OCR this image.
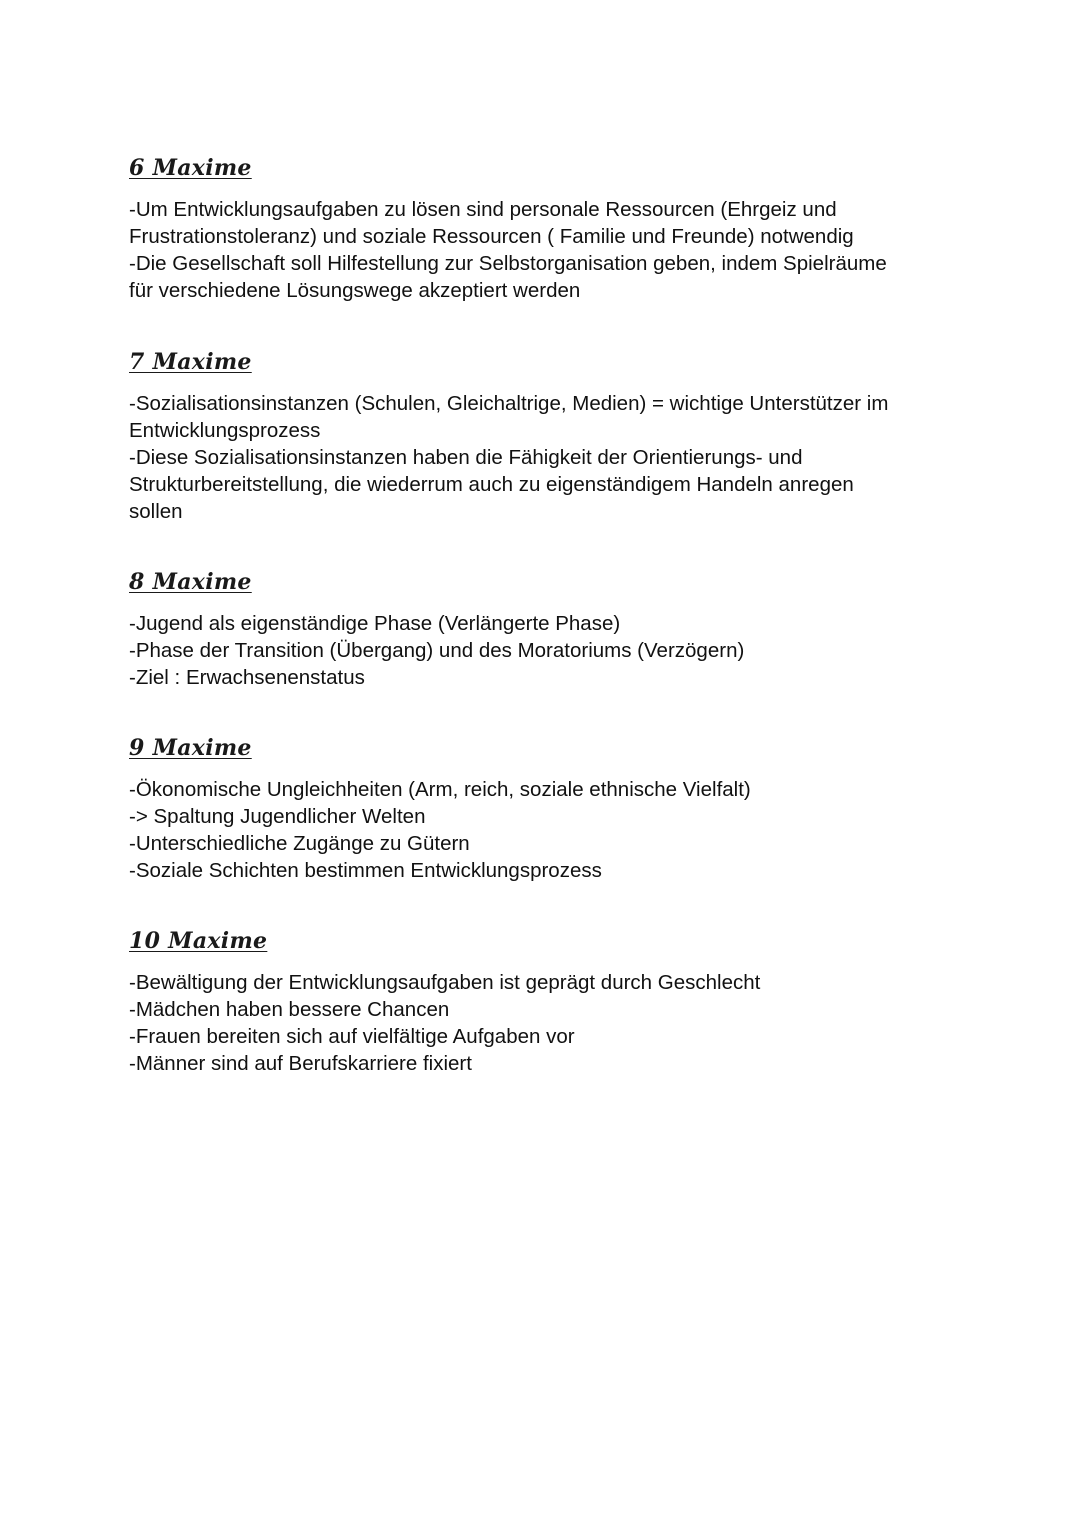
6 Maxime
-Um Entwicklungsaufgaben zu lösen sind personale Ressourcen (Ehrgeiz und
Frustrationstoleranz) und soziale Ressourcen ( Familie und Freunde) notwendig
-Die Gesellschaft soll Hilfestellung zur Selbstorganisation geben, indem Spielräume
für verschiedene Lösungswege akzeptiert werden
7 Maxime
-Sozialisationsinstanzen (Schulen, Gleichaltrige, Medien) = wichtige Unterstützer im
Entwicklungsprozess
-Diese Sozialisationsinstanzen haben die Fähigkeit der Orientierungs- und
Strukturbereitstellung, die wiederrum auch zu eigenständigem Handeln anregen
sollen
8 Maxime
-Jugend als eigenständige Phase (Verlängerte Phase)
-Phase der Transition (Übergang) und des Moratoriums (Verzögern)
-Ziel : Erwachsenenstatus
9 Maxime
-Ökonomische Ungleichheiten (Arm, reich, soziale ethnische Vielfalt)
-> Spaltung Jugendlicher Welten
-Unterschiedliche Zugänge zu Gütern
-Soziale Schichten bestimmen Entwicklungsprozess
10 Maxime
-Bewältigung der Entwicklungsaufgaben ist geprägt durch Geschlecht
-Mädchen haben bessere Chancen
-Frauen bereiten sich auf vielfältige Aufgaben vor
-Männer sind auf Berufskarriere fixiert
